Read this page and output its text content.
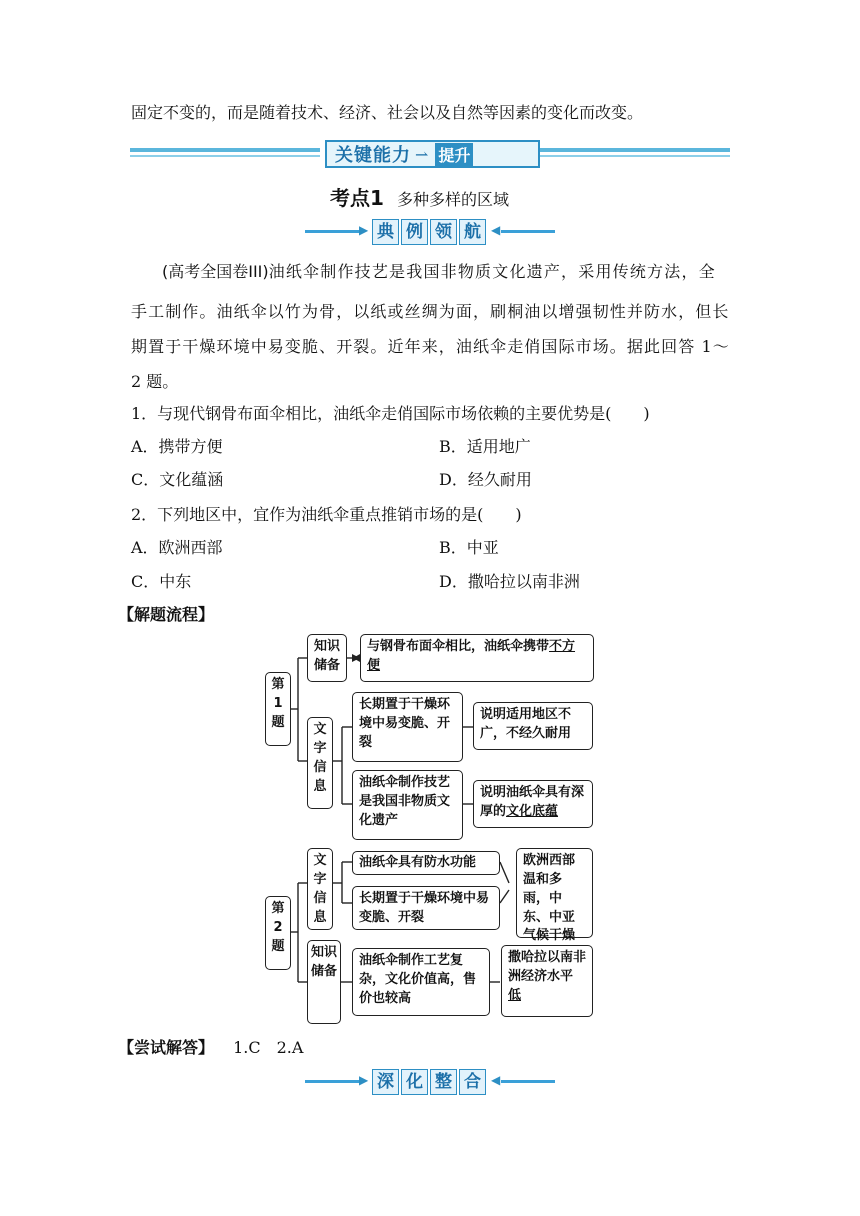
固定不变的，而是随着技术、经济、社会以及自然等因素的变化而改变。
关键能力 ⇀ 提升
考点1 多种多样的区域
▶ 典 例 领 航 ◀
(高考全国卷III)油纸伞制作技艺是我国非物质文化遗产，采用传统方法，全
手工制作。油纸伞以竹为骨，以纸或丝绸为面，刷桐油以增强韧性并防水，但长
期置于干燥环境中易变脆、开裂。近年来，油纸伞走俏国际市场。据此回答 1～
2 题。
1．与现代钢骨布面伞相比，油纸伞走俏国际市场依赖的主要优势是(　　)
A．携带方便	B．适用地广
C．文化蕴涵	D．经久耐用
2．下列地区中，宜作为油纸伞重点推销市场的是(　　)
A．欧洲西部	B．中亚
C．中东	D．撒哈拉以南非洲
【解题流程】
第1题
知识储备
与钢骨布面伞相比，油纸伞携带不方便
文字信息
长期置于干燥环境中易变脆、开裂
说明适用地区不广，不经久耐用
油纸伞制作技艺是我国非物质文化遗产
说明油纸伞具有深厚的文化底蕴
第2题
文字信息
油纸伞具有防水功能
长期置于干燥环境中易变脆、开裂
欧洲西部温和多雨，中东、中亚气候干燥
知识储备
油纸伞制作工艺复杂，文化价值高，售价也较高
撒哈拉以南非洲经济水平低
【尝试解答】 1.C　2.A
▶ 深 化 整 合 ◀
